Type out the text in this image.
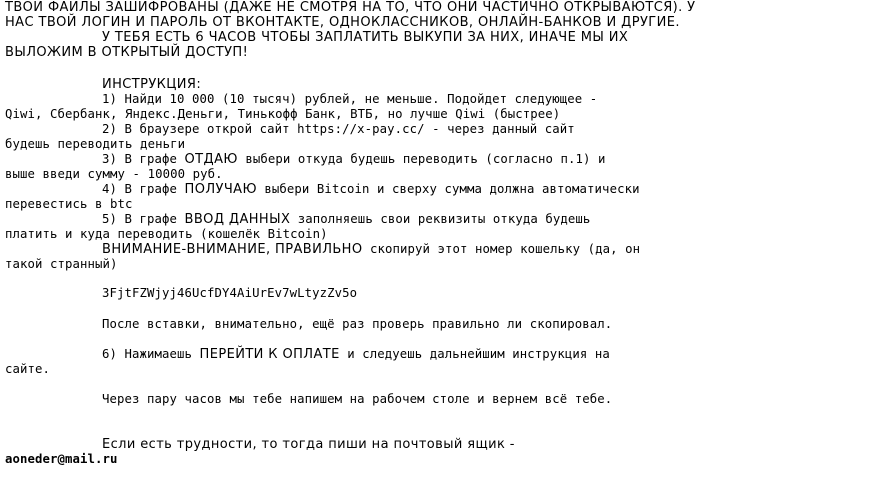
ТВОИ ФАЙЛЫ ЗАШИФРОВАНЫ (ДАЖЕ НЕ СМОТРЯ НА ТО, ЧТО ОНИ ЧАСТИЧНО ОТКРЫВАЮТСЯ). У
НАС ТВОЙ ЛОГИН И ПАРОЛЬ ОТ ВКОНТАКТЕ, ОДНОКЛАССНИКОВ, ОНЛАЙН-БАНКОВ И ДРУГИЕ.
У ТЕБЯ ЕСТЬ 6 ЧАСОВ ЧТОБЫ ЗАПЛАТИТЬ ВЫКУПИ ЗА НИХ, ИНАЧЕ МЫ ИХ
ВЫЛОЖИМ В ОТКРЫТЫЙ ДОСТУП!
ИНСТРУКЦИЯ:
1) Найди 10 000 (10 тысяч) рублей, не меньше. Подойдет следующее -
Qiwi, Сбербанк, Яндекс.Деньги, Тинькофф Банк, ВТБ, но лучше Qiwi (быстрее)
2) В браузере открой сайт https://x-pay.cc/ - через данный сайт
будешь переводить деньги
3) В графе ОТДАЮ выбери откуда будешь переводить (согласно п.1) и
выше введи сумму - 10000 руб.
4) В графе ПОЛУЧАЮ выбери Bitcoin и сверху сумма должна автоматически
перевестись в btc
5) В графе ВВОД ДАННЫХ заполняешь свои реквизиты откуда будешь
платить и куда переводить (кошелёк Bitcoin)
ВНИМАНИЕ-ВНИМАНИЕ, ПРАВИЛЬНО скопируй этот номер кошельку (да, он
такой странный)
3FjtFZWjyj46UcfDY4AiUrEv7wLtyzZv5o
После вставки, внимательно, ещё раз проверь правильно ли скопировал.
6) Нажимаешь ПЕРЕЙТИ К ОПЛАТЕ и следуешь дальнейшим инструкция на
сайте.
Через пару часов мы тебе напишем на рабочем столе и вернем всё тебе.
Если есть трудности, то тогда пиши на почтовый ящик -
aoneder@mail.ru
